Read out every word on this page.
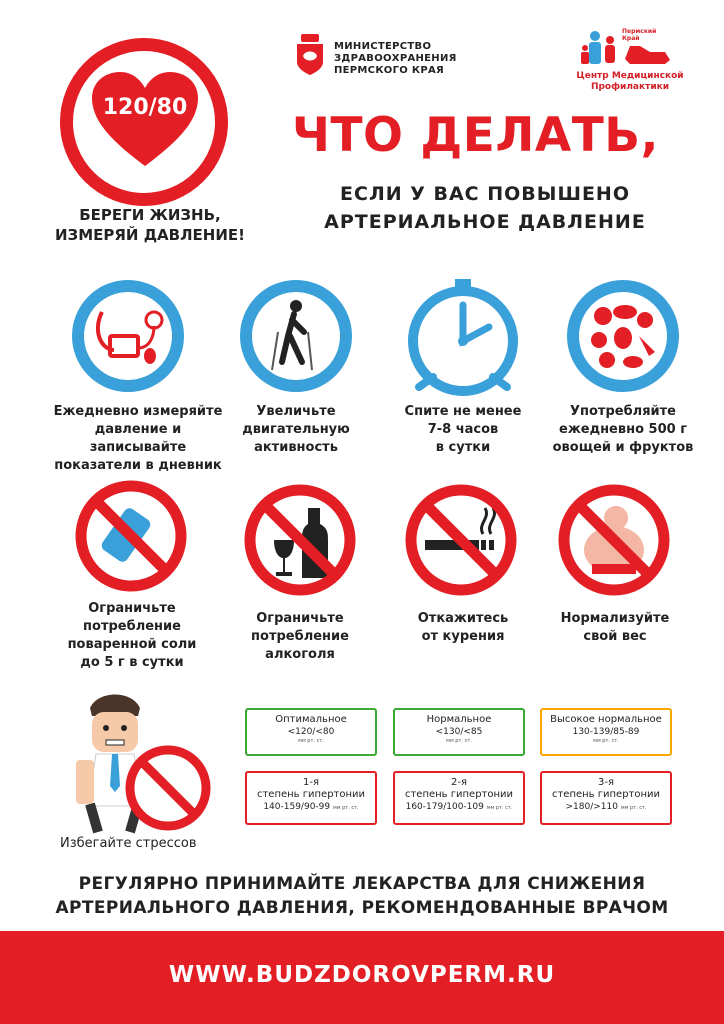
120/80
БЕРЕГИ ЖИЗНЬ,
ИЗМЕРЯЙ ДАВЛЕНИЕ!
МИНИСТЕРСТВО
ЗДРАВООХРАНЕНИЯ
ПЕРМСКОГО КРАЯ
Пермский
Край
Центр Медицинской
Профилактики
ЧТО ДЕЛАТЬ,
ЕСЛИ У ВАС ПОВЫШЕНО
АРТЕРИАЛЬНОЕ ДАВЛЕНИЕ
Ежедневно измеряйте
давление и
записывайте
показатели в дневник
Увеличьте
двигательную
активность
Спите не менее
7-8 часов
в сутки
Употребляйте
ежедневно 500 г
овощей и фруктов
Ограничьте
потребление
поваренной соли
до 5 г в сутки
Ограничьте
потребление
алкоголя
Откажитесь
от курения
Нормализуйте
свой вес
Избегайте стрессов
Оптимальное
<120/<80
мм рт. ст.
Нормальное
<130/<85
мм рт. ст.
Высокое нормальное
130-139/85-89
мм рт. ст.
1-я
степень гипертонии
140-159/90-99 мм рт. ст.
2-я
степень гипертонии
160-179/100-109 мм рт. ст.
3-я
степень гипертонии
>180/>110 мм рт. ст.
РЕГУЛЯРНО ПРИНИМАЙТЕ ЛЕКАРСТВА ДЛЯ СНИЖЕНИЯ
АРТЕРИАЛЬНОГО ДАВЛЕНИЯ, РЕКОМЕНДОВАННЫЕ ВРАЧОМ
WWW.BUDZDOROVPERM.RU
